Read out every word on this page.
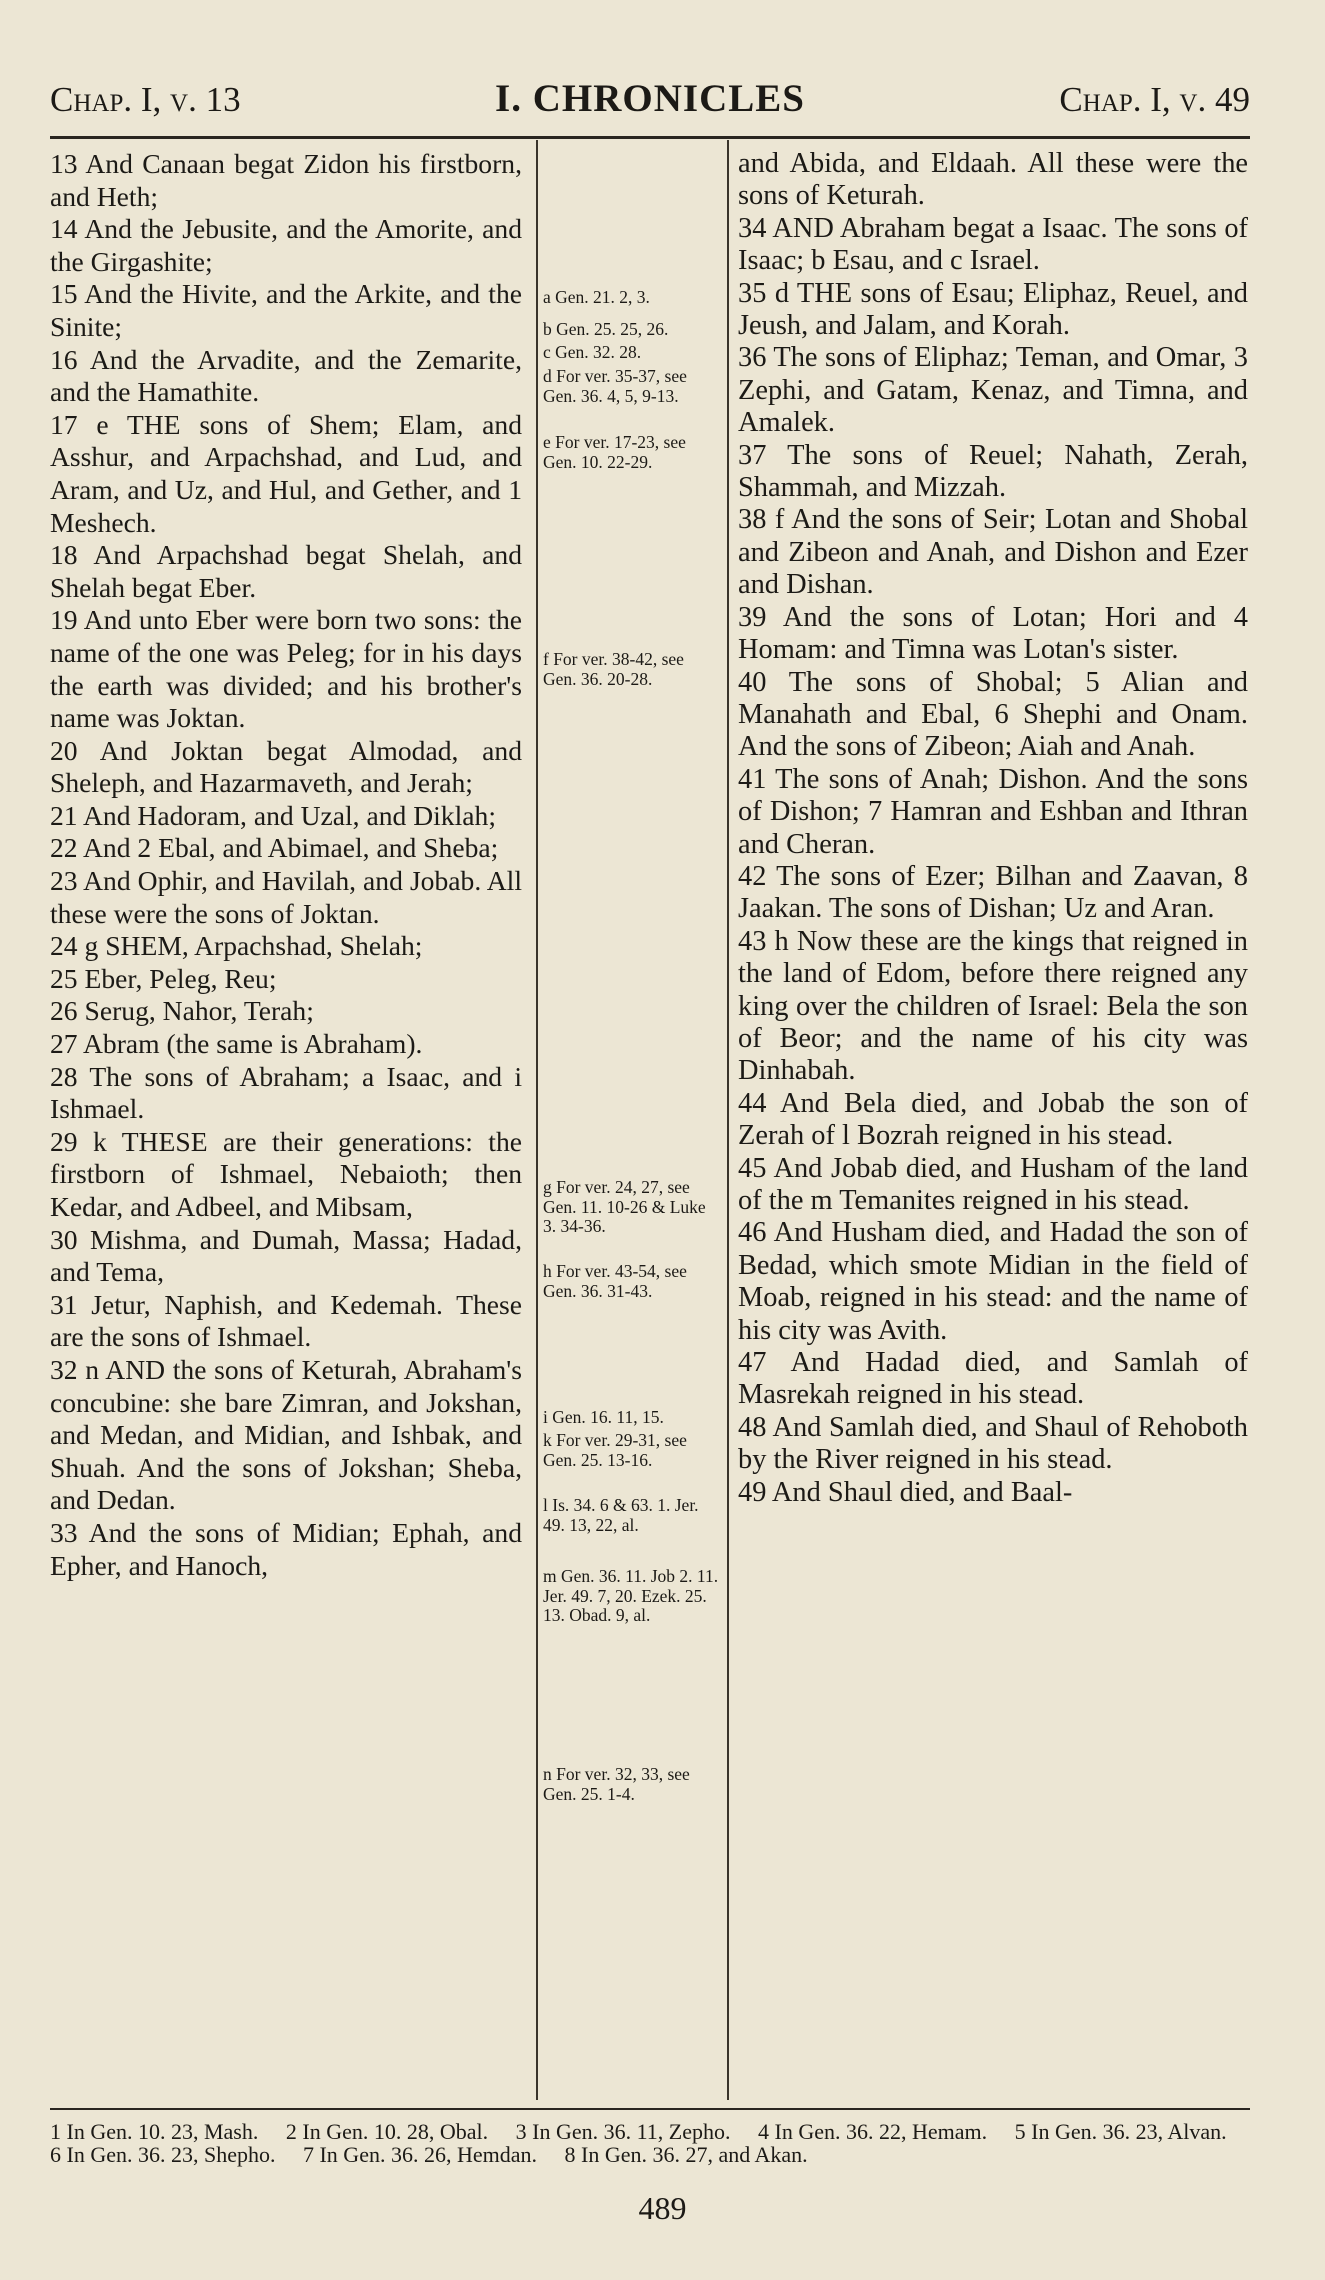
Chap. I, v. 13	I. CHRONICLES	Chap. I, v. 49
13 And Canaan begat Zidon his firstborn, and Heth;
14 And the Jebusite, and the Amorite, and the Girgashite;
15 And the Hivite, and the Arkite, and the Sinite;
16 And the Arvadite, and the Zemarite, and the Hamathite.
17 e THE sons of Shem; Elam, and Asshur, and Arpachshad, and Lud, and Aram, and Uz, and Hul, and Gether, and 1 Meshech.
18 And Arpachshad begat Shelah, and Shelah begat Eber.
19 And unto Eber were born two sons: the name of the one was Peleg; for in his days the earth was divided; and his brother's name was Joktan.
20 And Joktan begat Almodad, and Sheleph, and Hazarmaveth, and Jerah;
21 And Hadoram, and Uzal, and Diklah;
22 And 2 Ebal, and Abimael, and Sheba;
23 And Ophir, and Havilah, and Jobab. All these were the sons of Joktan.
24 g SHEM, Arpachshad, Shelah;
25 Eber, Peleg, Reu;
26 Serug, Nahor, Terah;
27 Abram (the same is Abraham).
28 The sons of Abraham; a Isaac, and i Ishmael.
29 k THESE are their generations: the firstborn of Ishmael, Nebaioth; then Kedar, and Adbeel, and Mibsam,
30 Mishma, and Dumah, Massa; Hadad, and Tema,
31 Jetur, Naphish, and Kedemah. These are the sons of Ishmael.
32 n AND the sons of Keturah, Abraham's concubine: she bare Zimran, and Jokshan, and Medan, and Midian, and Ishbak, and Shuah. And the sons of Jokshan; Sheba, and Dedan.
33 And the sons of Midian; Ephah, and Epher, and Hanoch,
a Gen. 21. 2, 3.
b Gen. 25. 25, 26.
c Gen. 32. 28.
d For ver. 35-37, see Gen. 36. 4, 5, 9-13.
e For ver. 17-23, see Gen. 10. 22-29.
f For ver. 38-42, see Gen. 36. 20-28.
g For ver. 24, 27, see Gen. 11. 10-26 & Luke 3. 34-36.
h For ver. 43-54, see Gen. 36. 31-43.
i Gen. 16. 11, 15.
k For ver. 29-31, see Gen. 25. 13-16.
l Is. 34. 6 & 63. 1. Jer. 49. 13, 22, al.
m Gen. 36. 11. Job 2. 11. Jer. 49. 7, 20. Ezek. 25. 13. Obad. 9, al.
n For ver. 32, 33, see Gen. 25. 1-4.
and Abida, and Eldaah. All these were the sons of Keturah.
34 AND Abraham begat a Isaac. The sons of Isaac; b Esau, and c Israel.
35 d THE sons of Esau; Eliphaz, Reuel, and Jeush, and Jalam, and Korah.
36 The sons of Eliphaz; Teman, and Omar, 3 Zephi, and Gatam, Kenaz, and Timna, and Amalek.
37 The sons of Reuel; Nahath, Zerah, Shammah, and Mizzah.
38 f And the sons of Seir; Lotan and Shobal and Zibeon and Anah, and Dishon and Ezer and Dishan.
39 And the sons of Lotan; Hori and 4 Homam: and Timna was Lotan's sister.
40 The sons of Shobal; 5 Alian and Manahath and Ebal, 6 Shephi and Onam. And the sons of Zibeon; Aiah and Anah.
41 The sons of Anah; Dishon. And the sons of Dishon; 7 Hamran and Eshban and Ithran and Cheran.
42 The sons of Ezer; Bilhan and Zaavan, 8 Jaakan. The sons of Dishan; Uz and Aran.
43 h Now these are the kings that reigned in the land of Edom, before there reigned any king over the children of Israel: Bela the son of Beor; and the name of his city was Dinhabah.
44 And Bela died, and Jobab the son of Zerah of l Bozrah reigned in his stead.
45 And Jobab died, and Husham of the land of the m Temanites reigned in his stead.
46 And Husham died, and Hadad the son of Bedad, which smote Midian in the field of Moab, reigned in his stead: and the name of his city was Avith.
47 And Hadad died, and Samlah of Masrekah reigned in his stead.
48 And Samlah died, and Shaul of Rehoboth by the River reigned in his stead.
49 And Shaul died, and Baal-
1 In Gen. 10. 23, Mash. 2 In Gen. 10. 28, Obal. 3 In Gen. 36. 11, Zepho. 4 In Gen. 36. 22, Hemam. 5 In Gen. 36. 23, Alvan. 6 In Gen. 36. 23, Shepho. 7 In Gen. 36. 26, Hemdan. 8 In Gen. 36. 27, and Akan.
489
